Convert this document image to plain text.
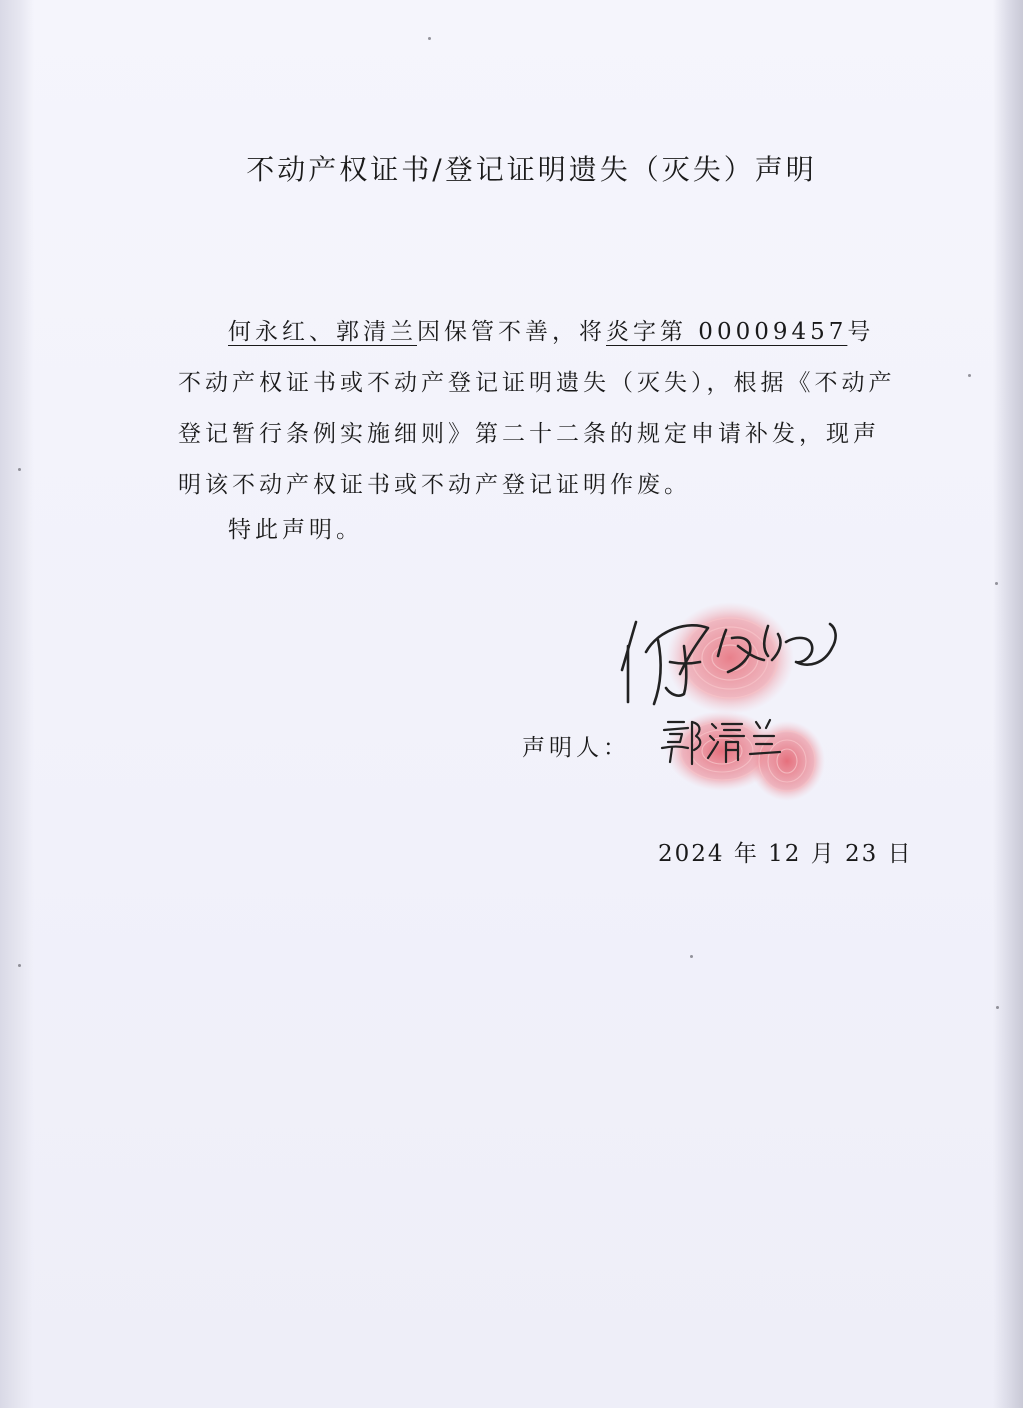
不动产权证书/登记证明遗失（灭失）声明

何永红、郭清兰因保管不善，将炎字第 00009457号不动产权证书或不动产登记证明遗失（灭失），根据《不动产登记暂行条例实施细则》第二十二条的规定申请补发，现声明该不动产权证书或不动产登记证明作废。

特此声明。

声明人：
2024 年 12 月 23 日
